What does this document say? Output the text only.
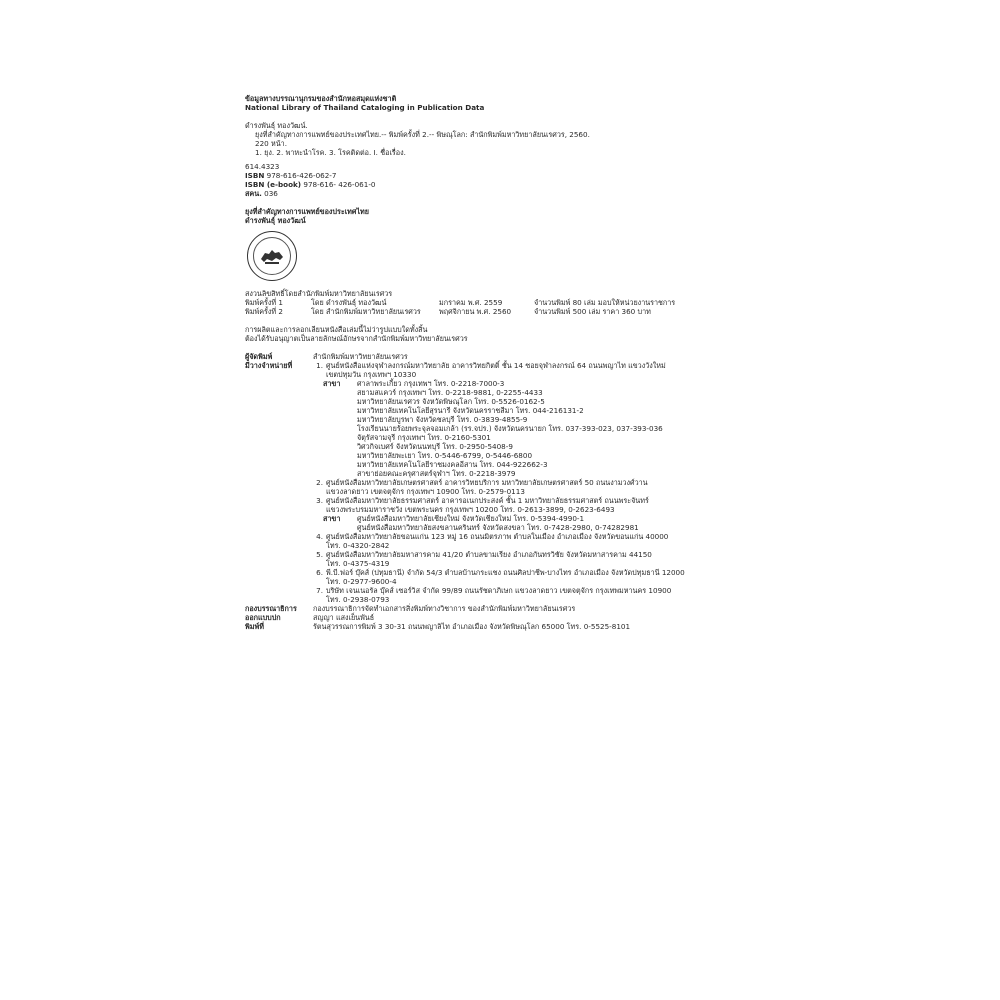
ข้อมูลทางบรรณานุกรมของสำนักหอสมุดแห่งชาติ
National Library of Thailand Cataloging in Publication Data
ดำรงพันธุ์ ทองวัฒน์.
ยุงที่สำคัญทางการแพทย์ของประเทศไทย.-- พิมพ์ครั้งที่ 2.-- พิษณุโลก: สำนักพิมพ์มหาวิทยาลัยนเรศวร, 2560.
220 หน้า.
1. ยุง. 2. พาหะนำโรค. 3. โรคติดต่อ. I. ชื่อเรื่อง.
614.4323
ISBN 978-616-426-062-7
ISBN (e-book) 978-616- 426-061-0
สคน. 036
ยุงที่สำคัญทางการแพทย์ของประเทศไทย
ดำรงพันธุ์ ทองวัฒน์
สงวนลิขสิทธิ์โดยสำนักพิมพ์มหาวิทยาลัยนเรศวร
พิมพ์ครั้งที่ 1	โดย ดำรงพันธุ์ ทองวัฒน์	มกราคม พ.ศ. 2559	จำนวนพิมพ์ 80 เล่ม มอบให้หน่วยงานราชการ
พิมพ์ครั้งที่ 2	โดย สำนักพิมพ์มหาวิทยาลัยนเรศวร	พฤศจิกายน พ.ศ. 2560	จำนวนพิมพ์ 500 เล่ม ราคา 360 บาท
การผลิตและการลอกเลียนหนังสือเล่มนี้ไม่ว่ารูปแบบใดทั้งสิ้น
ต้องได้รับอนุญาตเป็นลายลักษณ์อักษรจากสำนักพิมพ์มหาวิทยาลัยนเรศวร
ผู้จัดพิมพ์	สำนักพิมพ์มหาวิทยาลัยนเรศวร
มีวางจำหน่ายที่	1. ศูนย์หนังสือแห่งจุฬาลงกรณ์มหาวิทยาลัย อาคารวิทยกิตติ์ ชั้น 14 ซอยจุฬาลงกรณ์ 64 ถนนพญาไท แขวงวังใหม่
เขตปทุมวัน กรุงเทพฯ 10330
สาขา	ศาลาพระเกี้ยว กรุงเทพฯ โทร. 0-2218-7000-3
สยามสแควร์ กรุงเทพฯ โทร. 0-2218-9881, 0-2255-4433
มหาวิทยาลัยนเรศวร จังหวัดพิษณุโลก โทร. 0-5526-0162-5
มหาวิทยาลัยเทคโนโลยีสุรนารี จังหวัดนครราชสีมา โทร. 044-216131-2
มหาวิทยาลัยบูรพา จังหวัดชลบุรี โทร. 0-3839-4855-9
โรงเรียนนายร้อยพระจุลจอมเกล้า (รร.จปร.) จังหวัดนครนายก โทร. 037-393-023, 037-393-036
จัตุรัสจามจุรี กรุงเทพฯ โทร. 0-2160-5301
วิศวกิจเบศร์ จังหวัดนนทบุรี โทร. 0-2950-5408-9
มหาวิทยาลัยพะเยา โทร. 0-5446-6799, 0-5446-6800
มหาวิทยาลัยเทคโนโลยีราชมงคลอีสาน โทร. 044-922662-3
สาขาย่อยคณะครุศาสตร์จุฬาฯ โทร. 0-2218-3979
2. ศูนย์หนังสือมหาวิทยาลัยเกษตรศาสตร์ อาคารวิทยบริการ มหาวิทยาลัยเกษตรศาสตร์ 50 ถนนงามวงศ์วาน
แขวงลาดยาว เขตจตุจักร กรุงเทพฯ 10900 โทร. 0-2579-0113
3. ศูนย์หนังสือมหาวิทยาลัยธรรมศาสตร์ อาคารอเนกประสงค์ ชั้น 1 มหาวิทยาลัยธรรมศาสตร์ ถนนพระจันทร์
แขวงพระบรมมหาราชวัง เขตพระนคร กรุงเทพฯ 10200 โทร. 0-2613-3899, 0-2623-6493
สาขา	ศูนย์หนังสือมหาวิทยาลัยเชียงใหม่ จังหวัดเชียงใหม่ โทร. 0-5394-4990-1
ศูนย์หนังสือมหาวิทยาลัยสงขลานครินทร์ จังหวัดสงขลา โทร. 0-7428-2980, 0-74282981
4. ศูนย์หนังสือมหาวิทยาลัยขอนแก่น 123 หมู่ 16 ถนนมิตรภาพ ตำบลในเมือง อำเภอเมือง จังหวัดขอนแก่น 40000
โทร. 0-4320-2842
5. ศูนย์หนังสือมหาวิทยาลัยมหาสารคาม 41/20 ตำบลขามเรียง อำเภอกันทรวิชัย จังหวัดมหาสารคาม 44150
โทร. 0-4375-4319
6. พี.บี.ฟอร์ บุ๊คส์ (ปทุมธานี) จำกัด 54/3 ตำบลบ้านกระแชง ถนนศิลปาชีพ-บางไทร อำเภอเมือง จังหวัดปทุมธานี 12000
โทร. 0-2977-9600-4
7. บริษัท เจนเนอรัล บุ๊คส์ เซอร์วิส จำกัด 99/89 ถนนรัชดาภิเษก แขวงลาดยาว เขตจตุจักร กรุงเทพมหานคร 10900
โทร. 0-2938-0793
กองบรรณาธิการ	กองบรรณาธิการจัดทำเอกสารสิ่งพิมพ์ทางวิชาการ ของสำนักพิมพ์มหาวิทยาลัยนเรศวร
ออกแบบปก	สญญา แสงเย็นพันธ์
พิมพ์ที่	รัตนสุวรรณการพิมพ์ 3 30-31 ถนนพญาลิไท อำเภอเมือง จังหวัดพิษณุโลก 65000 โทร. 0-5525-8101
